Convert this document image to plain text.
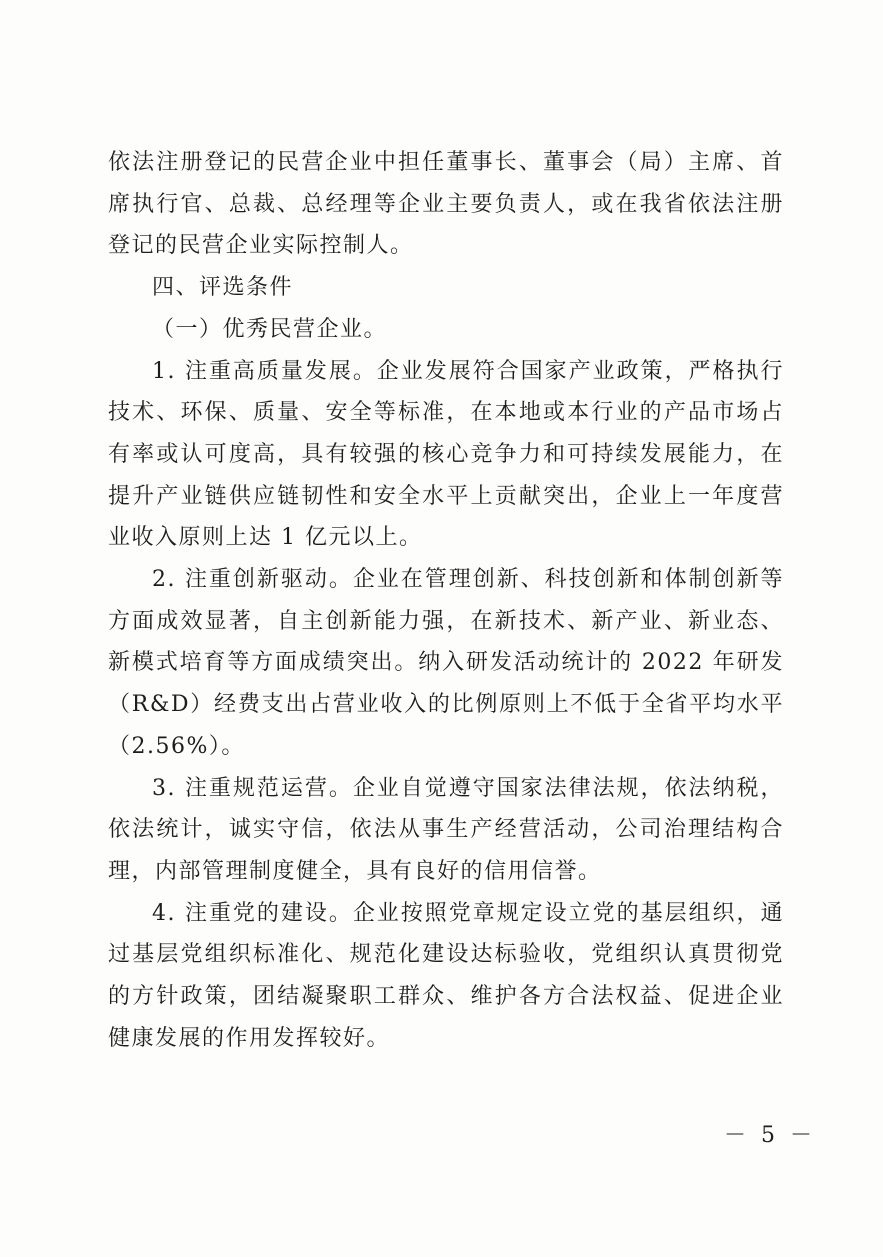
依法注册登记的民营企业中担任董事长、董事会（局）主席、首席执行官、总裁、总经理等企业主要负责人，或在我省依法注册登记的民营企业实际控制人。

四、评选条件

（一）优秀民营企业。

1. 注重高质量发展。企业发展符合国家产业政策，严格执行技术、环保、质量、安全等标准，在本地或本行业的产品市场占有率或认可度高，具有较强的核心竞争力和可持续发展能力，在提升产业链供应链韧性和安全水平上贡献突出，企业上一年度营业收入原则上达 1 亿元以上。

2. 注重创新驱动。企业在管理创新、科技创新和体制创新等方面成效显著，自主创新能力强，在新技术、新产业、新业态、新模式培育等方面成绩突出。纳入研发活动统计的 2022 年研发（R&D）经费支出占营业收入的比例原则上不低于全省平均水平（2.56%）。

3. 注重规范运营。企业自觉遵守国家法律法规，依法纳税，依法统计，诚实守信，依法从事生产经营活动，公司治理结构合理，内部管理制度健全，具有良好的信用信誉。

4. 注重党的建设。企业按照党章规定设立党的基层组织，通过基层党组织标准化、规范化建设达标验收，党组织认真贯彻党的方针政策，团结凝聚职工群众、维护各方合法权益、促进企业健康发展的作用发挥较好。

－ 5 －
